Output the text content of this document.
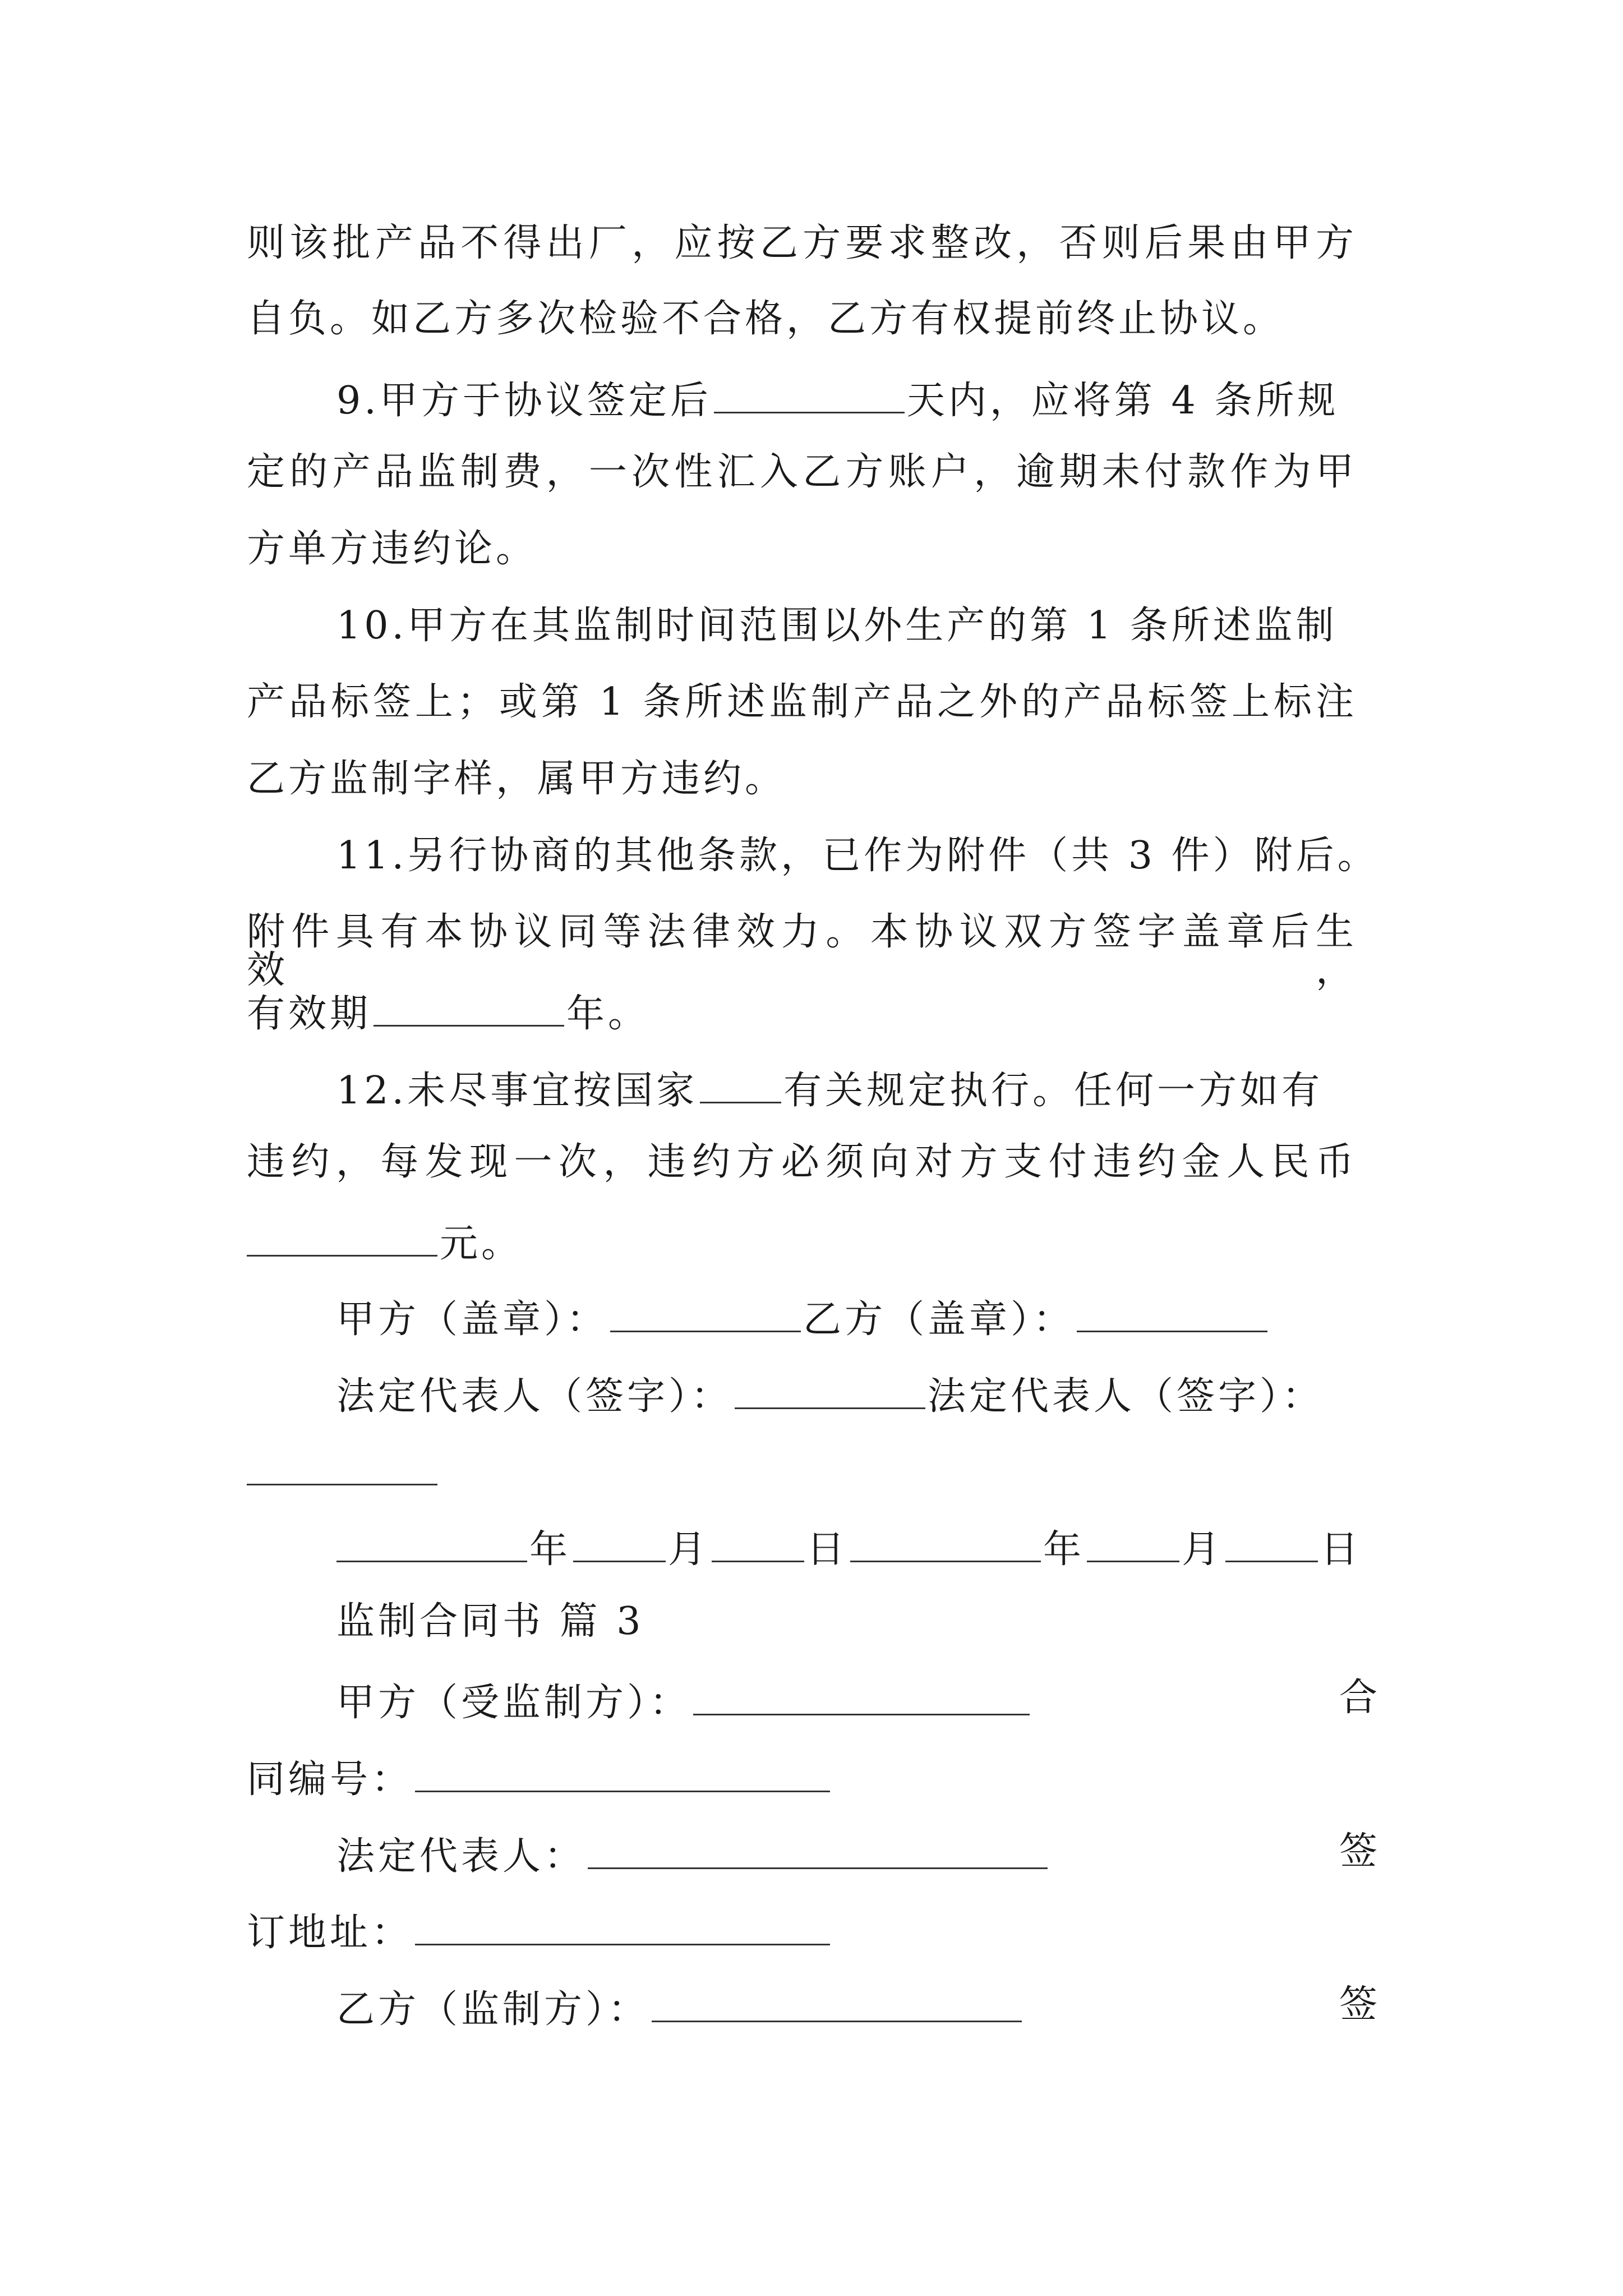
则该批产品不得出厂，应按乙方要求整改，否则后果由甲方
自负。如乙方多次检验不合格，乙方有权提前终止协议。
9.甲方于协议签定后	天内，应将第 4 条所规
定的产品监制费，一次性汇入乙方账户，逾期未付款作为甲
方单方违约论。
10.甲方在其监制时间范围以外生产的第 1 条所述监制
产品标签上；或第 1 条所述监制产品之外的产品标签上标注
乙方监制字样，属甲方违约。
11.另行协商的其他条款，已作为附件（共 3 件）附后。
附件具有本协议同等法律效力。本协议双方签字盖章后生效，
有效期	年。
12.未尽事宜按国家 有关规定执行。任何一方如有
违约，每发现一次，违约方必须向对方支付违约金人民币
元。
甲方（盖章）：	乙方（盖章）：
法定代表人（签字）：	法定代表人（签字）：
年	月	日	年	月	日
监制合同书 篇 3
甲方（受监制方）：	合
同编号：
法定代表人：	签
订地址：
乙方（监制方）：	签
